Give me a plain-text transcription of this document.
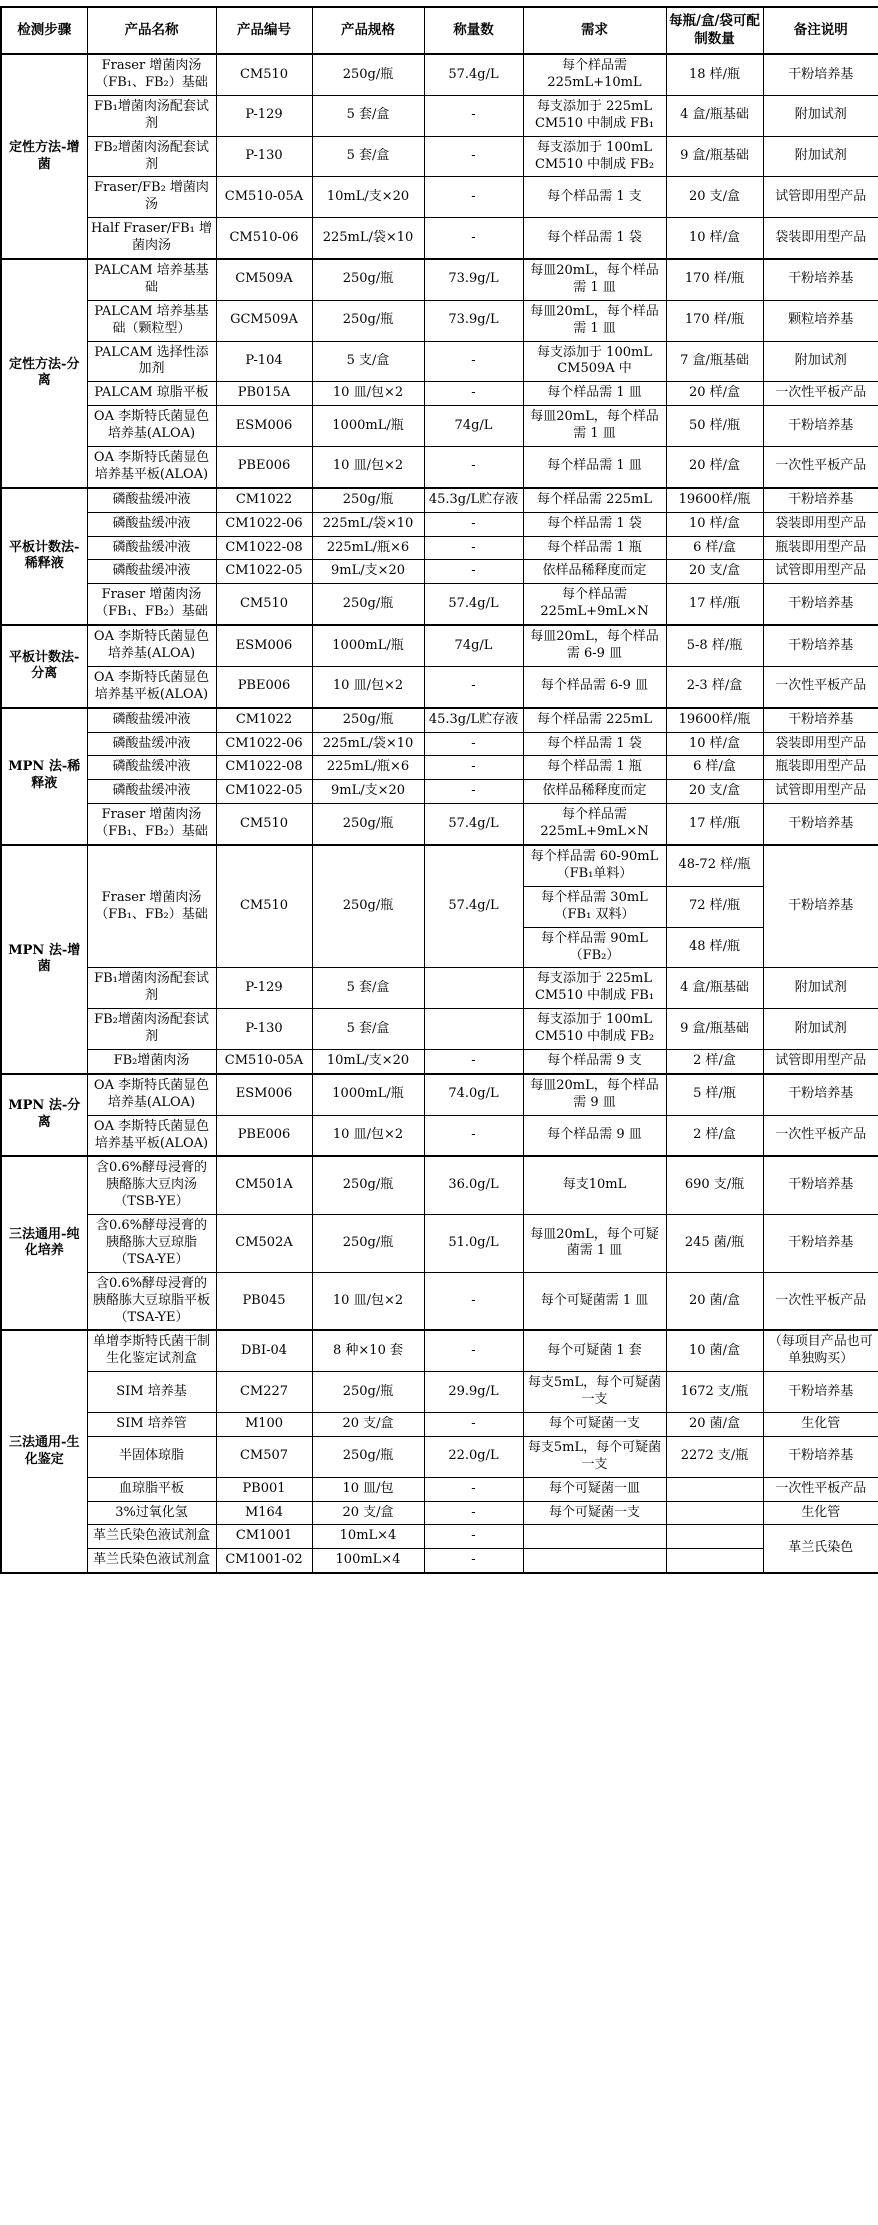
检测步骤	产品名称	产品编号	产品规格	称量数	需求	每瓶/盒/袋可配制数量	备注说明
定性方法-增菌	Fraser 增菌肉汤（FB₁、FB₂）基础	CM510	250g/瓶	57.4g/L	每个样品需 225mL+10mL	18 样/瓶	干粉培养基
	FB₁增菌肉汤配套试剂	P-129	5 套/盒	-	每支添加于 225mL CM510 中制成 FB₁	4 盒/瓶基础	附加试剂
	FB₂增菌肉汤配套试剂	P-130	5 套/盒	-	每支添加于 100mL CM510 中制成 FB₂	9 盒/瓶基础	附加试剂
	Fraser/FB₂ 增菌肉汤	CM510-05A	10mL/支×20	-	每个样品需 1 支	20 支/盒	试管即用型产品
	Half Fraser/FB₁ 增菌肉汤	CM510-06	225mL/袋×10	-	每个样品需 1 袋	10 样/盒	袋装即用型产品
定性方法-分离	PALCAM 培养基基础	CM509A	250g/瓶	73.9g/L	每皿20mL，每个样品需 1 皿	170 样/瓶	干粉培养基
	PALCAM 培养基基础（颗粒型）	GCM509A	250g/瓶	73.9g/L	每皿20mL，每个样品需 1 皿	170 样/瓶	颗粒培养基
	PALCAM 选择性添加剂	P-104	5 支/盒	-	每支添加于 100mL CM509A 中	7 盒/瓶基础	附加试剂
	PALCAM 琼脂平板	PB015A	10 皿/包×2	-	每个样品需 1 皿	20 样/盒	一次性平板产品
	OA 李斯特氏菌显色培养基(ALOA)	ESM006	1000mL/瓶	74g/L	每皿20mL，每个样品需 1 皿	50 样/瓶	干粉培养基
	OA 李斯特氏菌显色培养基平板(ALOA)	PBE006	10 皿/包×2	-	每个样品需 1 皿	20 样/盒	一次性平板产品
平板计数法-稀释液	磷酸盐缓冲液	CM1022	250g/瓶	45.3g/L贮存液	每个样品需 225mL	19600样/瓶	干粉培养基
	磷酸盐缓冲液	CM1022-06	225mL/袋×10	-	每个样品需 1 袋	10 样/盒	袋装即用型产品
	磷酸盐缓冲液	CM1022-08	225mL/瓶×6	-	每个样品需 1 瓶	6 样/盒	瓶装即用型产品
	磷酸盐缓冲液	CM1022-05	9mL/支×20	-	依样品稀释度而定	20 支/盒	试管即用型产品
	Fraser 增菌肉汤（FB₁、FB₂）基础	CM510	250g/瓶	57.4g/L	每个样品需 225mL+9mL×N	17 样/瓶	干粉培养基
平板计数法-分离	OA 李斯特氏菌显色培养基(ALOA)	ESM006	1000mL/瓶	74g/L	每皿20mL，每个样品需 6-9 皿	5-8 样/瓶	干粉培养基
	OA 李斯特氏菌显色培养基平板(ALOA)	PBE006	10 皿/包×2	-	每个样品需 6-9 皿	2-3 样/盒	一次性平板产品
MPN 法-稀释液	磷酸盐缓冲液	CM1022	250g/瓶	45.3g/L贮存液	每个样品需 225mL	19600样/瓶	干粉培养基
	磷酸盐缓冲液	CM1022-06	225mL/袋×10	-	每个样品需 1 袋	10 样/盒	袋装即用型产品
	磷酸盐缓冲液	CM1022-08	225mL/瓶×6	-	每个样品需 1 瓶	6 样/盒	瓶装即用型产品
	磷酸盐缓冲液	CM1022-05	9mL/支×20	-	依样品稀释度而定	20 支/盒	试管即用型产品
	Fraser 增菌肉汤（FB₁、FB₂）基础	CM510	250g/瓶	57.4g/L	每个样品需 225mL+9mL×N	17 样/瓶	干粉培养基
MPN 法-增菌	Fraser 增菌肉汤（FB₁、FB₂）基础	CM510	250g/瓶	57.4g/L	每个样品需 60-90mL（FB₁单料）	48-72 样/瓶	干粉培养基
					每个样品需 30mL（FB₁ 双料）	72 样/瓶	
					每个样品需 90mL（FB₂）	48 样/瓶	
	FB₁增菌肉汤配套试剂	P-129	5 套/盒		每支添加于 225mL CM510 中制成 FB₁	4 盒/瓶基础	附加试剂
	FB₂增菌肉汤配套试剂	P-130	5 套/盒		每支添加于 100mL CM510 中制成 FB₂	9 盒/瓶基础	附加试剂
	FB₂增菌肉汤	CM510-05A	10mL/支×20	-	每个样品需 9 支	2 样/盒	试管即用型产品
MPN 法-分离	OA 李斯特氏菌显色培养基(ALOA)	ESM006	1000mL/瓶	74.0g/L	每皿20mL，每个样品需 9 皿	5 样/瓶	干粉培养基
	OA 李斯特氏菌显色培养基平板(ALOA)	PBE006	10 皿/包×2	-	每个样品需 9 皿	2 样/盒	一次性平板产品
三法通用-纯化培养	含0.6%酵母浸膏的胰酪胨大豆肉汤（TSB-YE）	CM501A	250g/瓶	36.0g/L	每支10mL	690 支/瓶	干粉培养基
	含0.6%酵母浸膏的胰酪胨大豆琼脂（TSA-YE）	CM502A	250g/瓶	51.0g/L	每皿20mL，每个可疑菌需 1 皿	245 菌/瓶	干粉培养基
	含0.6%酵母浸膏的胰酪胨大豆琼脂平板（TSA-YE）	PB045	10 皿/包×2	-	每个可疑菌需 1 皿	20 菌/盒	一次性平板产品
三法通用-生化鉴定	单增李斯特氏菌干制生化鉴定试剂盒	DBI-04	8 种×10 套	-	每个可疑菌 1 套	10 菌/盒	（每项目产品也可单独购买）
	SIM 培养基	CM227	250g/瓶	29.9g/L	每支5mL，每个可疑菌一支	1672 支/瓶	干粉培养基
	SIM 培养管	M100	20 支/盒	-	每个可疑菌一支	20 菌/盒	生化管
	半固体琼脂	CM507	250g/瓶	22.0g/L	每支5mL，每个可疑菌一支	2272 支/瓶	干粉培养基
	血琼脂平板	PB001	10 皿/包	-	每个可疑菌一皿		一次性平板产品
	3%过氧化氢	M164	20 支/盒	-	每个可疑菌一支		生化管
	革兰氏染色液试剂盒	CM1001	10mL×4	-			革兰氏染色
	革兰氏染色液试剂盒	CM1001-02	100mL×4	-			
